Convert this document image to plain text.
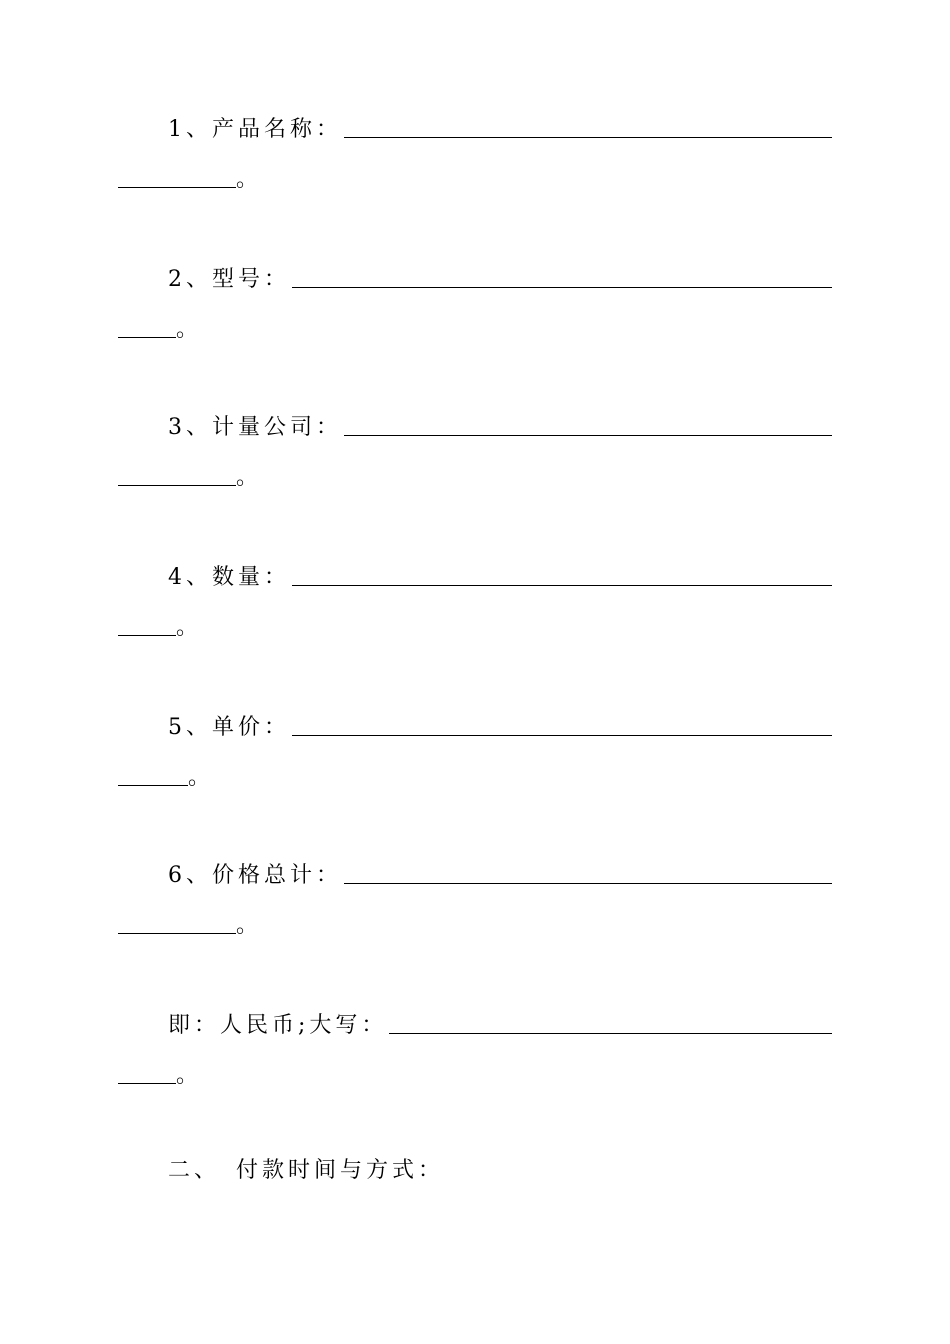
1、产品名称：
。
2、型号：
。
3、计量公司：
。
4、数量：
。
5、单价：
。
6、价格总计：
。
即：人民币;大写：
。
二、 付款时间与方式：
